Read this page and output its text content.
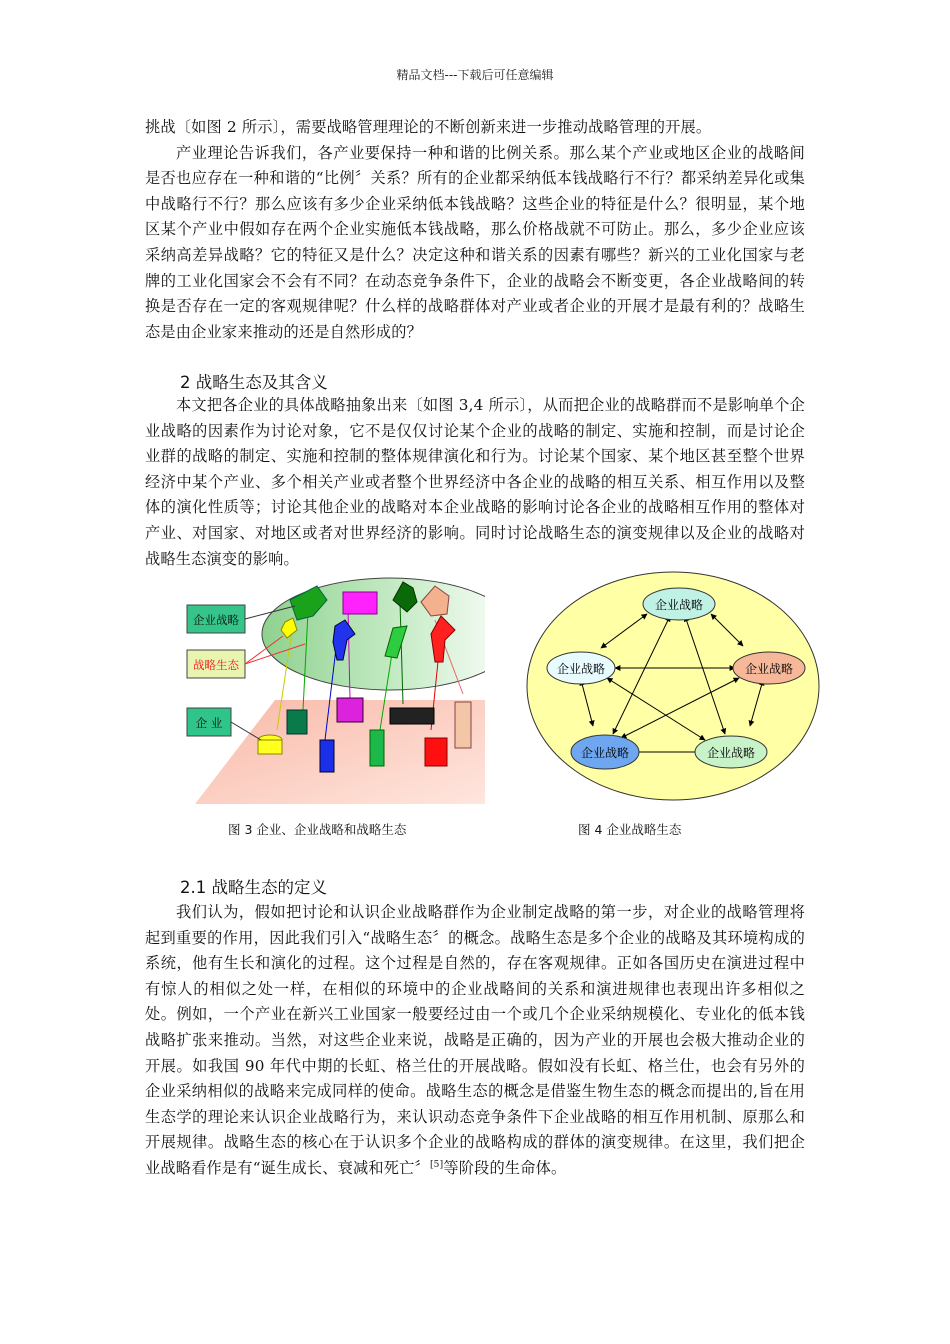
精品文档---下载后可任意编辑

挑战〔如图 2 所示〕，需要战略管理理论的不断创新来进一步推动战略管理的开展。

产业理论告诉我们，各产业要保持一种和谐的比例关系。那么某个产业或地区企业的战略间是否也应存在一种和谐的“比例〞关系？所有的企业都采纳低本钱战略行不行？都采纳差异化或集中战略行不行？那么应该有多少企业采纳低本钱战略？这些企业的特征是什么？很明显，某个地区某个产业中假如存在两个企业实施低本钱战略，那么价格战就不可防止。那么，多少企业应该采纳高差异战略？它的特征又是什么？决定这种和谐关系的因素有哪些？新兴的工业化国家与老牌的工业化国家会不会有不同？在动态竞争条件下，企业的战略会不断变更，各企业战略间的转换是否存在一定的客观规律呢？什么样的战略群体对产业或者企业的开展才是最有利的？战略生态是由企业家来推动的还是自然形成的？

2 战略生态及其含义

本文把各企业的具体战略抽象出来〔如图 3,4 所示〕，从而把企业的战略群而不是影响单个企业战略的因素作为讨论对象，它不是仅仅讨论某个企业的战略的制定、实施和控制，而是讨论企业群的战略的制定、实施和控制的整体规律演化和行为。讨论某个国家、某个地区甚至整个世界经济中某个产业、多个相关产业或者整个世界经济中各企业的战略的相互关系、相互作用以及整体的演化性质等；讨论其他企业的战略对本企业战略的影响讨论各企业的战略相互作用的整体对产业、对国家、对地区或者对世界经济的影响。同时讨论战略生态的演变规律以及企业的战略对战略生态演变的影响。

企业战略
战略生态
企 业
企业战略
企业战略	企业战略
企业战略	企业战略
图 3 企业、企业战略和战略生态	图 4 企业战略生态
2.1 战略生态的定义

我们认为，假如把讨论和认识企业战略群作为企业制定战略的第一步，对企业的战略管理将起到重要的作用，因此我们引入“战略生态〞的概念。战略生态是多个企业的战略及其环境构成的系统，他有生长和演化的过程。这个过程是自然的，存在客观规律。正如各国历史在演进过程中有惊人的相似之处一样，在相似的环境中的企业战略间的关系和演进规律也表现出许多相似之处。例如，一个产业在新兴工业国家一般要经过由一个或几个企业采纳规模化、专业化的低本钱战略扩张来推动。当然，对这些企业来说，战略是正确的，因为产业的开展也会极大推动企业的开展。如我国 90 年代中期的长虹、格兰仕的开展战略。假如没有长虹、格兰仕，也会有另外的企业采纳相似的战略来完成同样的使命。战略生态的概念是借鉴生物生态的概念而提出的,旨在用生态学的理论来认识企业战略行为，来认识动态竞争条件下企业战略的相互作用机制、原那么和开展规律。战略生态的核心在于认识多个企业的战略构成的群体的演变规律。在这里，我们把企业战略看作是有“诞生成长、衰减和死亡〞[5]等阶段的生命体。
